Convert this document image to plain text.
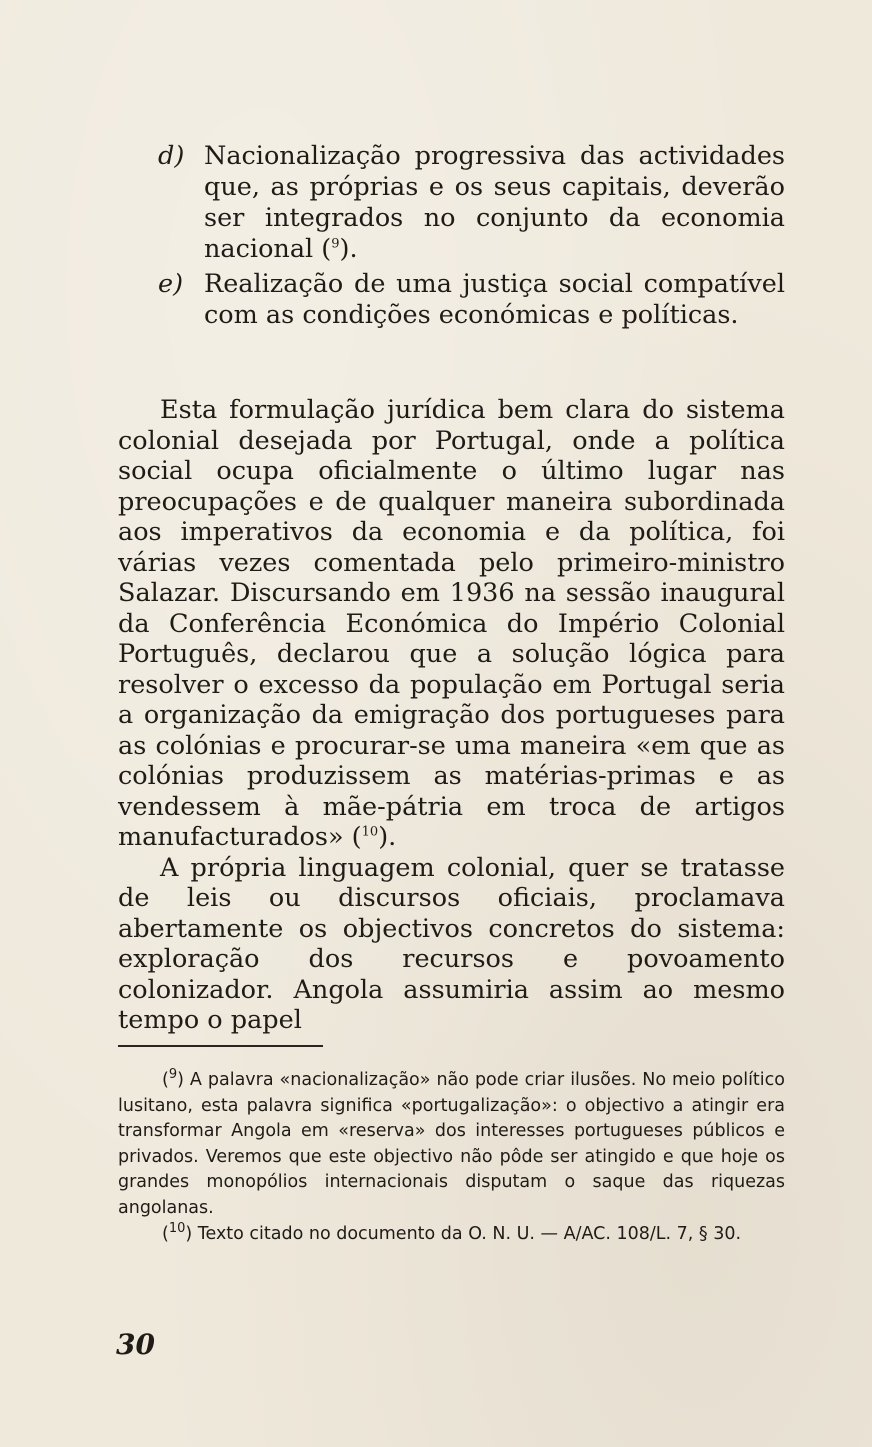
d) Nacionalização progressiva das actividades que, as próprias e os seus capitais, deverão ser integrados no conjunto da economia nacional ($^9$).
e) Realização de uma justiça social compatível com as condições económicas e políticas.

Esta formulação jurídica bem clara do sistema colonial desejada por Portugal, onde a política social ocupa oficialmente o último lugar nas preocupações e de qualquer maneira subordinada aos imperativos da economia e da política, foi várias vezes comentada pelo primeiro-ministro Salazar. Discursando em 1936 na sessão inaugural da Conferência Económica do Império Colonial Português, declarou que a solução lógica para resolver o excesso da população em Portugal seria a organização da emigração dos portugueses para as colónias e procurar-se uma maneira «em que as colónias produzissem as matérias-primas e as vendessem à mãe-pátria em troca de artigos manufacturados» ($^{10}$).

A própria linguagem colonial, quer se tratasse de leis ou discursos oficiais, proclamava abertamente os objectivos concretos do sistema: exploração dos recursos e povoamento colonizador. Angola assumiria assim ao mesmo tempo o papel

($^9$) A palavra «nacionalização» não pode criar ilusões. No meio político lusitano, esta palavra significa «portugalização»: o objectivo a atingir era transformar Angola em «reserva» dos interesses portugueses públicos e privados. Veremos que este objectivo não pôde ser atingido e que hoje os grandes monopólios internacionais disputam o saque das riquezas angolanas.

($^{10}$) Texto citado no documento da O. N. U. — A/AC. 108/L. 7, § 30.

30
